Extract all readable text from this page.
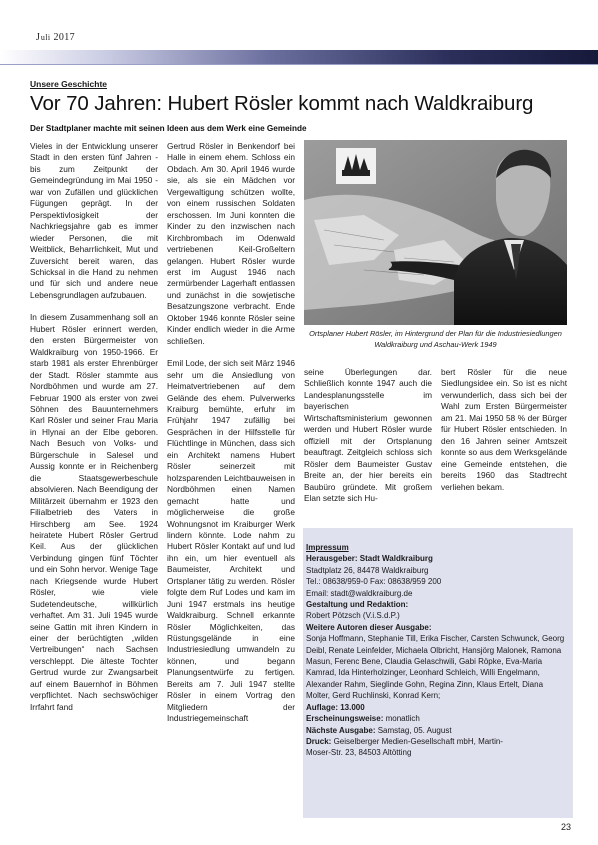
Juli 2017
Unsere Geschichte
Vor 70 Jahren: Hubert Rösler kommt nach Waldkraiburg
Der Stadtplaner machte mit seinen Ideen aus dem Werk eine Gemeinde

Vieles in der Entwicklung unserer Stadt in den ersten fünf Jahren - bis zum Zeitpunkt der Gemeindegründung im Mai 1950 - war von Zufällen und glücklichen Fügungen geprägt. In der Perspektivlosigkeit der Nachkriegsjahre gab es immer wieder Personen, die mit Weitblick, Beharrlichkeit, Mut und Zuversicht bereit waren, das Schicksal in die Hand zu nehmen und für sich und andere neue Lebensgrundlagen aufzubauen.

In diesem Zusammenhang soll an Hubert Rösler erinnert werden, den ersten Bürgermeister von Waldkraiburg von 1950-1966. Er starb 1981 als erster Ehrenbürger der Stadt. Rösler stammte aus Nordböhmen und wurde am 27. Februar 1900 als erster von zwei Söhnen des Bauunternehmers Karl Rösler und seiner Frau Maria in Hlynai an der Elbe geboren. Nach Besuch von Volks- und Bürgerschule in Salesel und Aussig konnte er in Reichenberg die Staatsgewerbeschule absolvieren. Nach Beendigung der Militärzeit übernahm er 1923 den Filialbetrieb des Vaters in Hirschberg am See. 1924 heiratete Hubert Rösler Gertrud Keil. Aus der glücklichen Verbindung gingen fünf Töchter und ein Sohn hervor. Wenige Tage nach Kriegsende wurde Hubert Rösler, wie viele Sudetendeutsche, willkürlich verhaftet. Am 31. Juli 1945 wurde seine Gattin mit ihren Kindern in einer der berüchtigten „wilden Vertreibungen“ nach Sachsen verschleppt. Die älteste Tochter Gertrud wurde zur Zwangsarbeit auf einem Bauernhof in Böhmen verpflichtet. Nach sechswöchiger Irrfahrt fand

Gertrud Rösler in Benkendorf bei Halle in einem ehem. Schloss ein Obdach. Am 30. April 1946 wurde sie, als sie ein Mädchen vor Vergewaltigung schützen wollte, von einem russischen Soldaten erschossen. Im Juni konnten die Kinder zu den inzwischen nach Kirchbrombach im Odenwald vertriebenen Keil-Großeltern gelangen. Hubert Rösler wurde erst im August 1946 nach zermürbender Lagerhaft entlassen und zunächst in die sowjetische Besatzungszone verbracht. Ende Oktober 1946 konnte Rösler seine Kinder endlich wieder in die Arme schließen.

Emil Lode, der sich seit März 1946 sehr um die Ansiedlung von Heimatvertriebenen auf dem Gelände des ehem. Pulverwerks Kraiburg bemühte, erfuhr im Frühjahr 1947 zufällig bei Gesprächen in der Hilfsstelle für Flüchtlinge in München, dass sich ein Architekt namens Hubert Rösler seinerzeit mit holzsparenden Leichtbauweisen in Nordböhmen einen Namen gemacht hatte und möglicherweise die große Wohnungsnot im Kraiburger Werk lindern könnte. Lode nahm zu Hubert Rösler Kontakt auf und lud ihn ein, um hier eventuell als Baumeister, Architekt und Ortsplaner tätig zu werden. Rösler folgte dem Ruf Lodes und kam im Juni 1947 erstmals ins heutige Waldkraiburg. Schnell erkannte Rösler Möglichkeiten, das Rüstungsgelände in eine Industriesiedlung umwandeln zu können, und begann Planungsentwürfe zu fertigen. Bereits am 7. Juli 1947 stellte Rösler in einem Vortrag den Mitgliedern der Industriegemeinschaft

Ortsplaner Hubert Rösler, im Hintergrund der Plan für die Industriesiedlungen Waldkraiburg und Aschau-Werk 1949

seine Überlegungen dar. Schließlich konnte 1947 auch die Landesplanungsstelle im bayerischen Wirtschaftsministerium gewonnen werden und Hubert Rösler wurde offiziell mit der Ortsplanung beauftragt. Zeitgleich schloss sich Rösler dem Baumeister Gustav Breite an, der hier bereits ein Baubüro gründete. Mit großem Elan setzte sich Hu-

bert Rösler für die neue Siedlungsidee ein. So ist es nicht verwunderlich, dass sich bei der Wahl zum Ersten Bürgermeister am 21. Mai 1950 58 % der Bürger für Hubert Rösler entschieden. In den 16 Jahren seiner Amtszeit konnte so aus dem Werksgelände eine Gemeinde entstehen, die bereits 1960 das Stadtrecht verliehen bekam.

Impressum
Herausgeber: Stadt Waldkraiburg
Stadtplatz 26, 84478 Waldkraiburg
Tel.: 08638/959-0 Fax: 08638/959 200
Email: stadt@waldkraiburg.de
Gestaltung und Redaktion:
Robert Pötzsch (V.i.S.d.P.)
Weitere Autoren dieser Ausgabe:
Sonja Hoffmann, Stephanie Till, Erika Fischer, Carsten Schwunck, Georg Deibl, Renate Leinfelder, Michaela Olbricht, Hansjörg Malonek, Ramona Masun, Ferenc Bene, Claudia Gelaschwili, Gabi Röpke, Eva-Maria Kamrad, Ida Hinterholzinger, Leonhard Schleich, Willi Engelmann, Alexander Rahm, Sieglinde Gohn, Regina Zinn, Klaus Ertelt, Diana Molter, Gerd Ruchlinski, Konrad Kern;
Auflage: 13.000
Erscheinungsweise: monatlich
Nächste Ausgabe: Samstag, 05. August
Druck: Geiselberger Medien-Gesellschaft mbH, Martin-
Moser-Str. 23, 84503 Altötting
23
